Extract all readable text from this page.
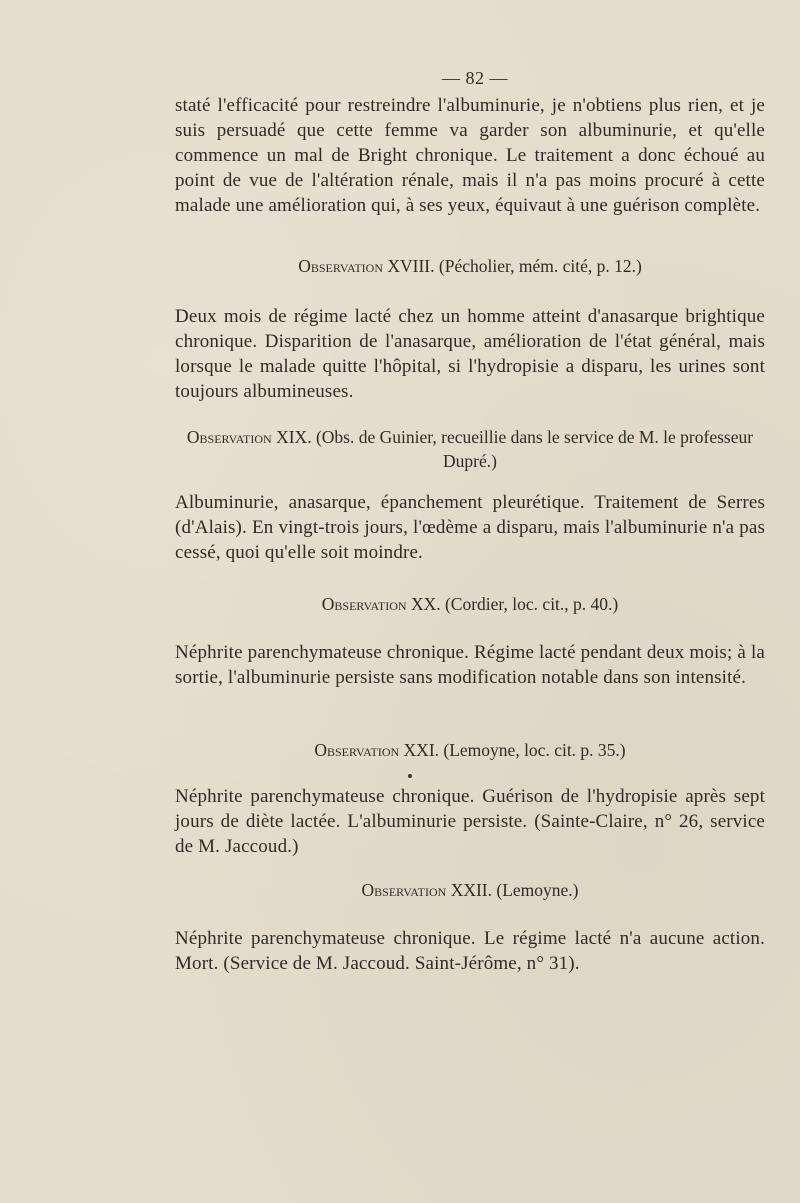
— 82 —

staté l'efficacité pour restreindre l'albuminurie, je n'obtiens plus rien, et je suis persuadé que cette femme va garder son albuminurie, et qu'elle commence un mal de Bright chronique. Le traitement a donc échoué au point de vue de l'altération rénale, mais il n'a pas moins procuré à cette malade une amélioration qui, à ses yeux, équivaut à une guérison complète.

Observation XVIII. (Pécholier, mém. cité, p. 12.)

Deux mois de régime lacté chez un homme atteint d'anasarque brightique chronique. Disparition de l'anasarque, amélioration de l'état général, mais lorsque le malade quitte l'hôpital, si l'hydropisie a disparu, les urines sont toujours albumineuses.

Observation XIX. (Obs. de Guinier, recueillie dans le service de M. le professeur Dupré.)

Albuminurie, anasarque, épanchement pleurétique. Traitement de Serres (d'Alais). En vingt-trois jours, l'œdème a disparu, mais l'albuminurie n'a pas cessé, quoi qu'elle soit moindre.

Observation XX. (Cordier, loc. cit., p. 40.)

Néphrite parenchymateuse chronique. Régime lacté pendant deux mois; à la sortie, l'albuminurie persiste sans modification notable dans son intensité.

Observation XXI. (Lemoyne, loc. cit. p. 35.)

Néphrite parenchymateuse chronique. Guérison de l'hydropisie après sept jours de diète lactée. L'albuminurie persiste. (Sainte-Claire, n° 26, service de M. Jaccoud.)

Observation XXII. (Lemoyne.)

Néphrite parenchymateuse chronique. Le régime lacté n'a aucune action. Mort. (Service de M. Jaccoud. Saint-Jérôme, n° 31).
